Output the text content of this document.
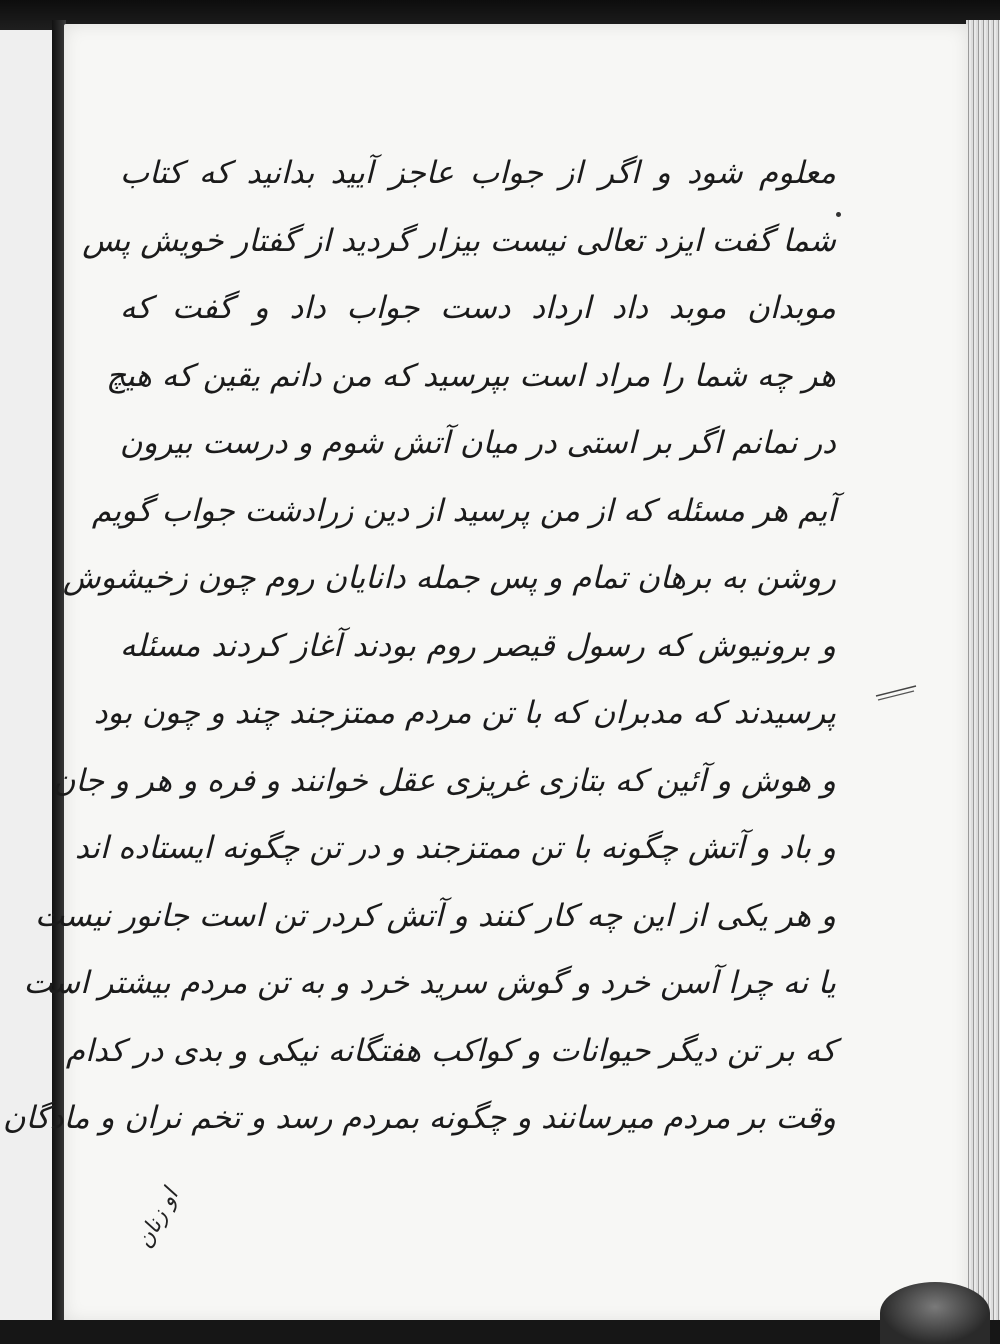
معلوم شود و اگر از جواب عاجز آیید بدانید که کتاب
شما گفت ایزد تعالی نیست بیزار گردید از گفتار خویش پس
موبدان موبد داد ارداد دست جواب داد و گفت که
هر چه شما را مراد است بپرسید که من دانم یقین که هیچ
در نمانم اگر بر استی در میان آتش شوم و درست بیرون
آیم هر مسئله که از من پرسید از دین زرادشت جواب گویم
روشن به برهان تمام و پس جمله دانایان روم چون زخیشوش
و برونیوش که رسول قیصر روم بودند آغاز کردند مسئله
پرسیدند که مدبران که با تن مردم ممتزجند چند و چون بود
و هوش و آئین که بتازی غریزی عقل خوانند و فره و هر و جان
و باد و آتش چگونه با تن ممتزجند و در تن چگونه ایستاده اند
و هر یکی از این چه کار کنند و آتش کردر تن است جانور نیست
یا نه چرا آسن خرد و گوش سرید خرد و به تن مردم بیشتر است
که بر تن دیگر حیوانات و کواکب هفتگانه نیکی و بدی در کدام
وقت بر مردم میرسانند و چگونه بمردم رسد و تخم نران و مادگان
او زنان
